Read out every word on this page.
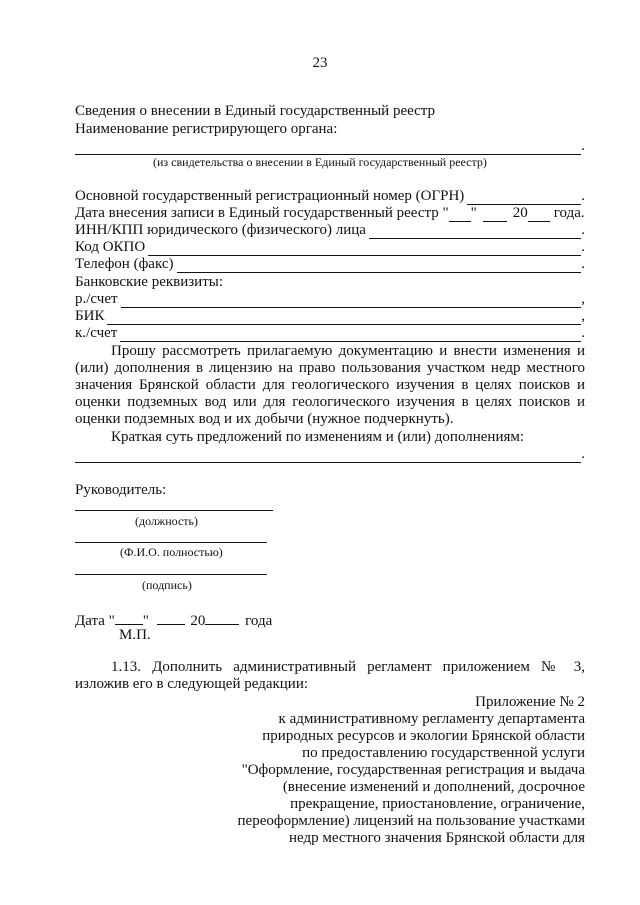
23
Сведения о внесении в Единый государственный реестр
Наименование регистрирующего органа:
.
(из свидетельства о внесении в Единый государственный реестр)
Основной государственный регистрационный номер (ОГРН)	.
Дата внесения записи в Единый государственный реестр " " 20 года.
ИНН/КПП юридического (физического) лица	.
Код ОКПО	.
Телефон (факс)	.
Банковские реквизиты:
р./счет	,
БИК	,
к./счет	.
Прошу рассмотреть прилагаемую документацию и внести изменения и (или) дополнения в лицензию на право пользования участком недр местного значения Брянской области для геологического изучения в целях поисков и оценки подземных вод или для геологического изучения в целях поисков и оценки подземных вод и их добычи (нужное подчеркнуть).
Краткая суть предложений по изменениям и (или) дополнениям:
.
Руководитель:
(должность)
(Ф.И.О. полностью)
(подпись)
Дата " "	20	года
М.П.
1.13. Дополнить административный регламент приложением № 3, изложив его в следующей редакции:
Приложение № 2
к административному регламенту департамента
природных ресурсов и экологии Брянской области
по предоставлению государственной услуги
"Оформление, государственная регистрация и выдача
(внесение изменений и дополнений, досрочное
прекращение, приостановление, ограничение,
переоформление) лицензий на пользование участками
недр местного значения Брянской области для
